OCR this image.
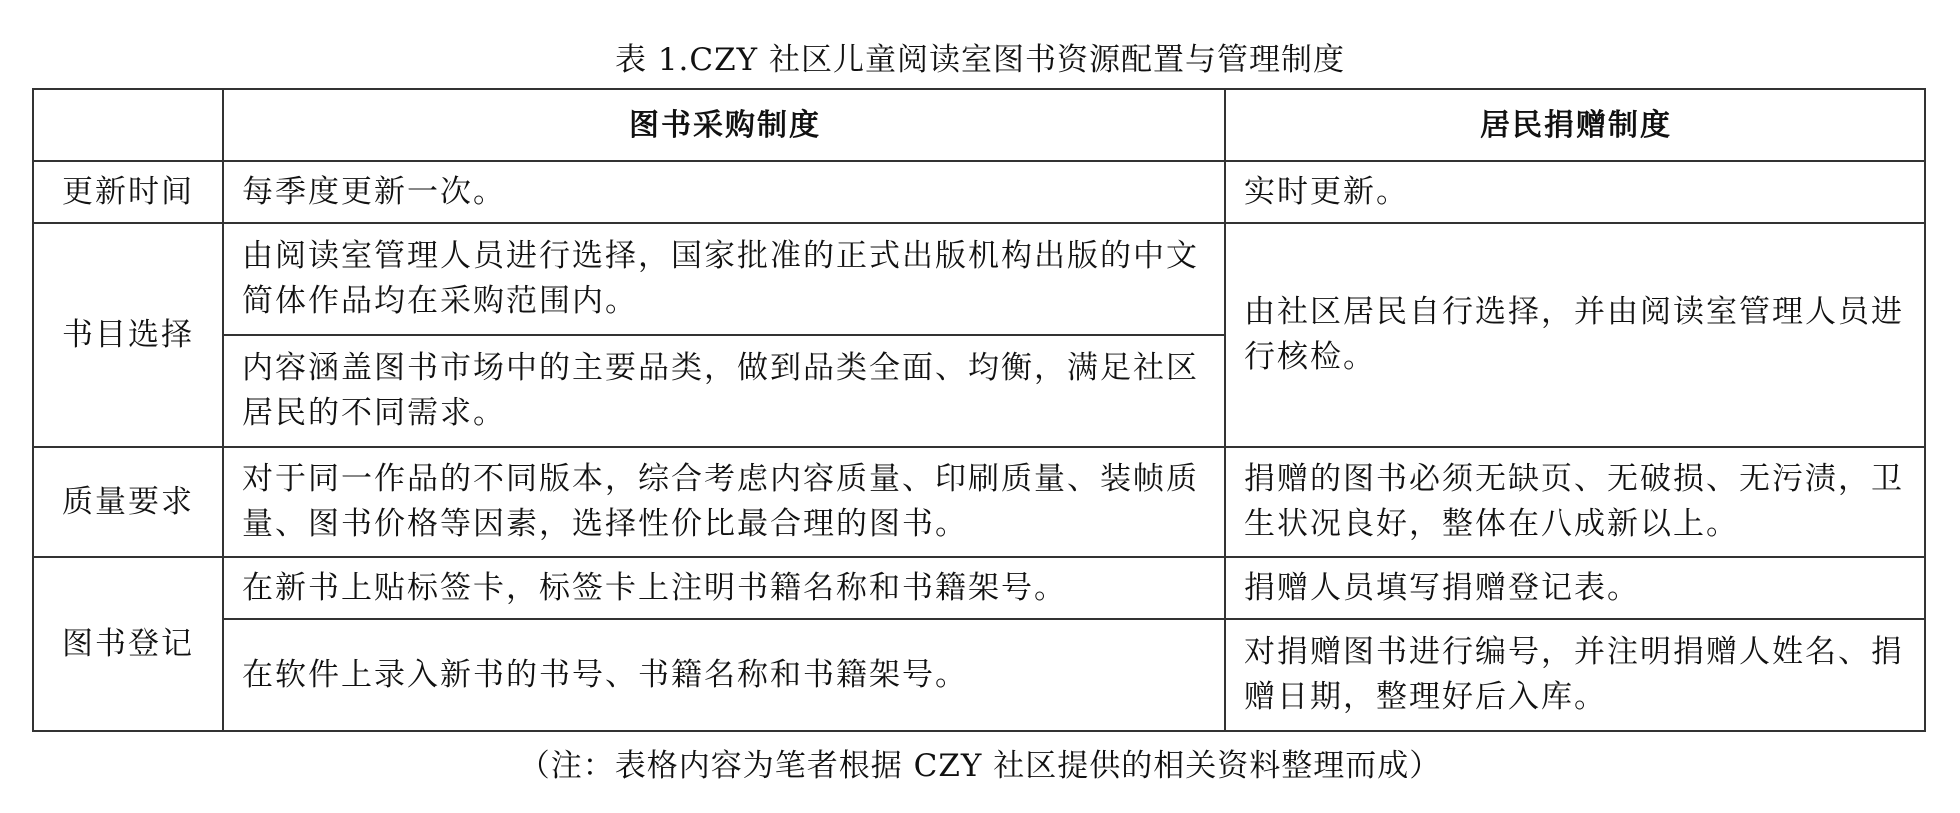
表 1.CZY 社区儿童阅读室图书资源配置与管理制度
	图书采购制度	居民捐赠制度
更新时间	每季度更新一次。	实时更新。
书目选择	由阅读室管理人员进行选择，国家批准的正式出版机构出版的中文简体作品均在采购范围内。	由社区居民自行选择，并由阅读室管理人员进行核检。
	内容涵盖图书市场中的主要品类，做到品类全面、均衡，满足社区居民的不同需求。	
质量要求	对于同一作品的不同版本，综合考虑内容质量、印刷质量、装帧质量、图书价格等因素，选择性价比最合理的图书。	捐赠的图书必须无缺页、无破损、无污渍，卫生状况良好，整体在八成新以上。
图书登记	在新书上贴标签卡，标签卡上注明书籍名称和书籍架号。	捐赠人员填写捐赠登记表。
	在软件上录入新书的书号、书籍名称和书籍架号。	对捐赠图书进行编号，并注明捐赠人姓名、捐赠日期，整理好后入库。
（注：表格内容为笔者根据 CZY 社区提供的相关资料整理而成）
